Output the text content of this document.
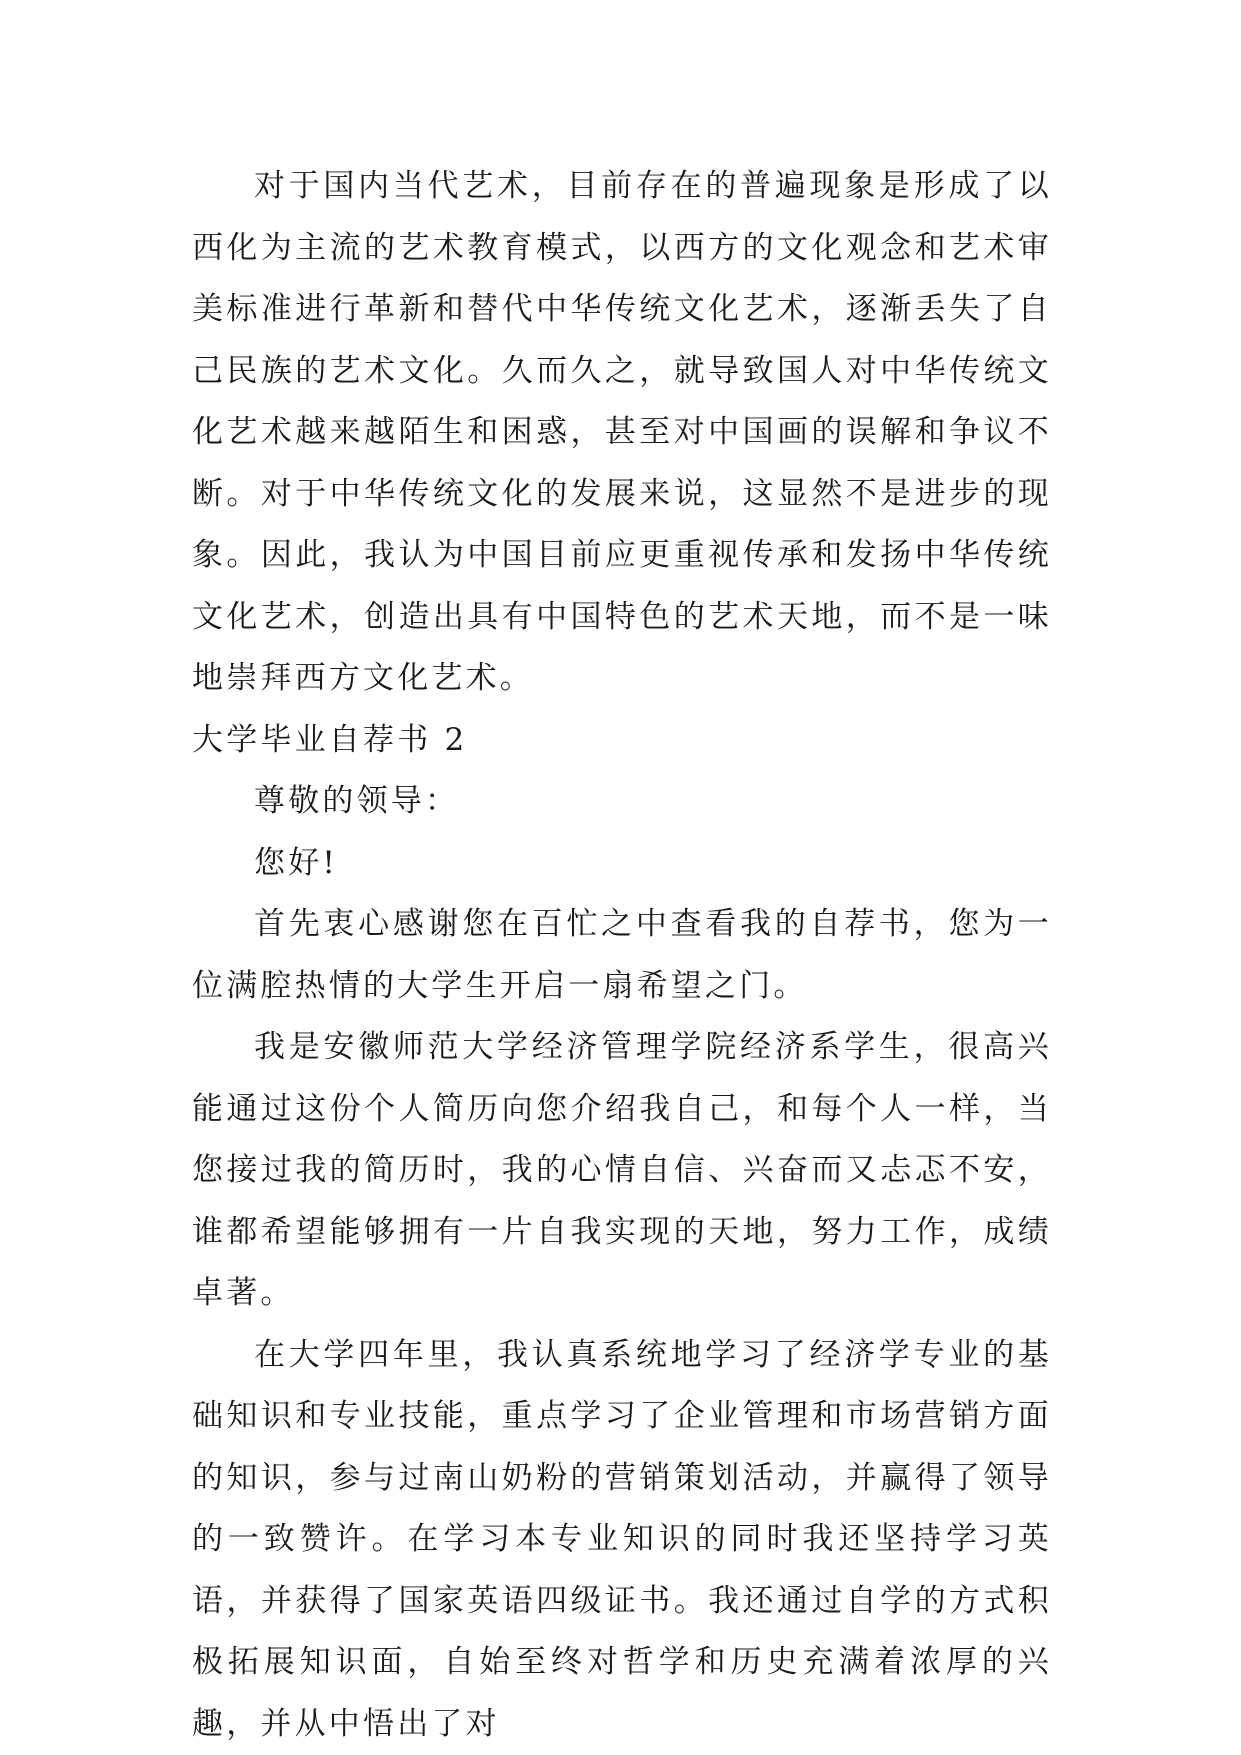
对于国内当代艺术，目前存在的普遍现象是形成了以西化为主流的艺术教育模式，以西方的文化观念和艺术审美标准进行革新和替代中华传统文化艺术，逐渐丢失了自己民族的艺术文化。久而久之，就导致国人对中华传统文化艺术越来越陌生和困惑，甚至对中国画的误解和争议不断。对于中华传统文化的发展来说，这显然不是进步的现象。因此，我认为中国目前应更重视传承和发扬中华传统文化艺术，创造出具有中国特色的艺术天地，而不是一味地崇拜西方文化艺术。

大学毕业自荐书 2

尊敬的领导：

您好!

首先衷心感谢您在百忙之中查看我的自荐书，您为一位满腔热情的大学生开启一扇希望之门。

我是安徽师范大学经济管理学院经济系学生，很高兴能通过这份个人简历向您介绍我自己，和每个人一样，当您接过我的简历时，我的心情自信、兴奋而又忐忑不安，谁都希望能够拥有一片自我实现的天地，努力工作，成绩卓著。

在大学四年里，我认真系统地学习了经济学专业的基础知识和专业技能，重点学习了企业管理和市场营销方面的知识，参与过南山奶粉的营销策划活动，并赢得了领导的一致赞许。在学习本专业知识的同时我还坚持学习英语，并获得了国家英语四级证书。我还通过自学的方式积极拓展知识面，自始至终对哲学和历史充满着浓厚的兴趣，并从中悟出了对
